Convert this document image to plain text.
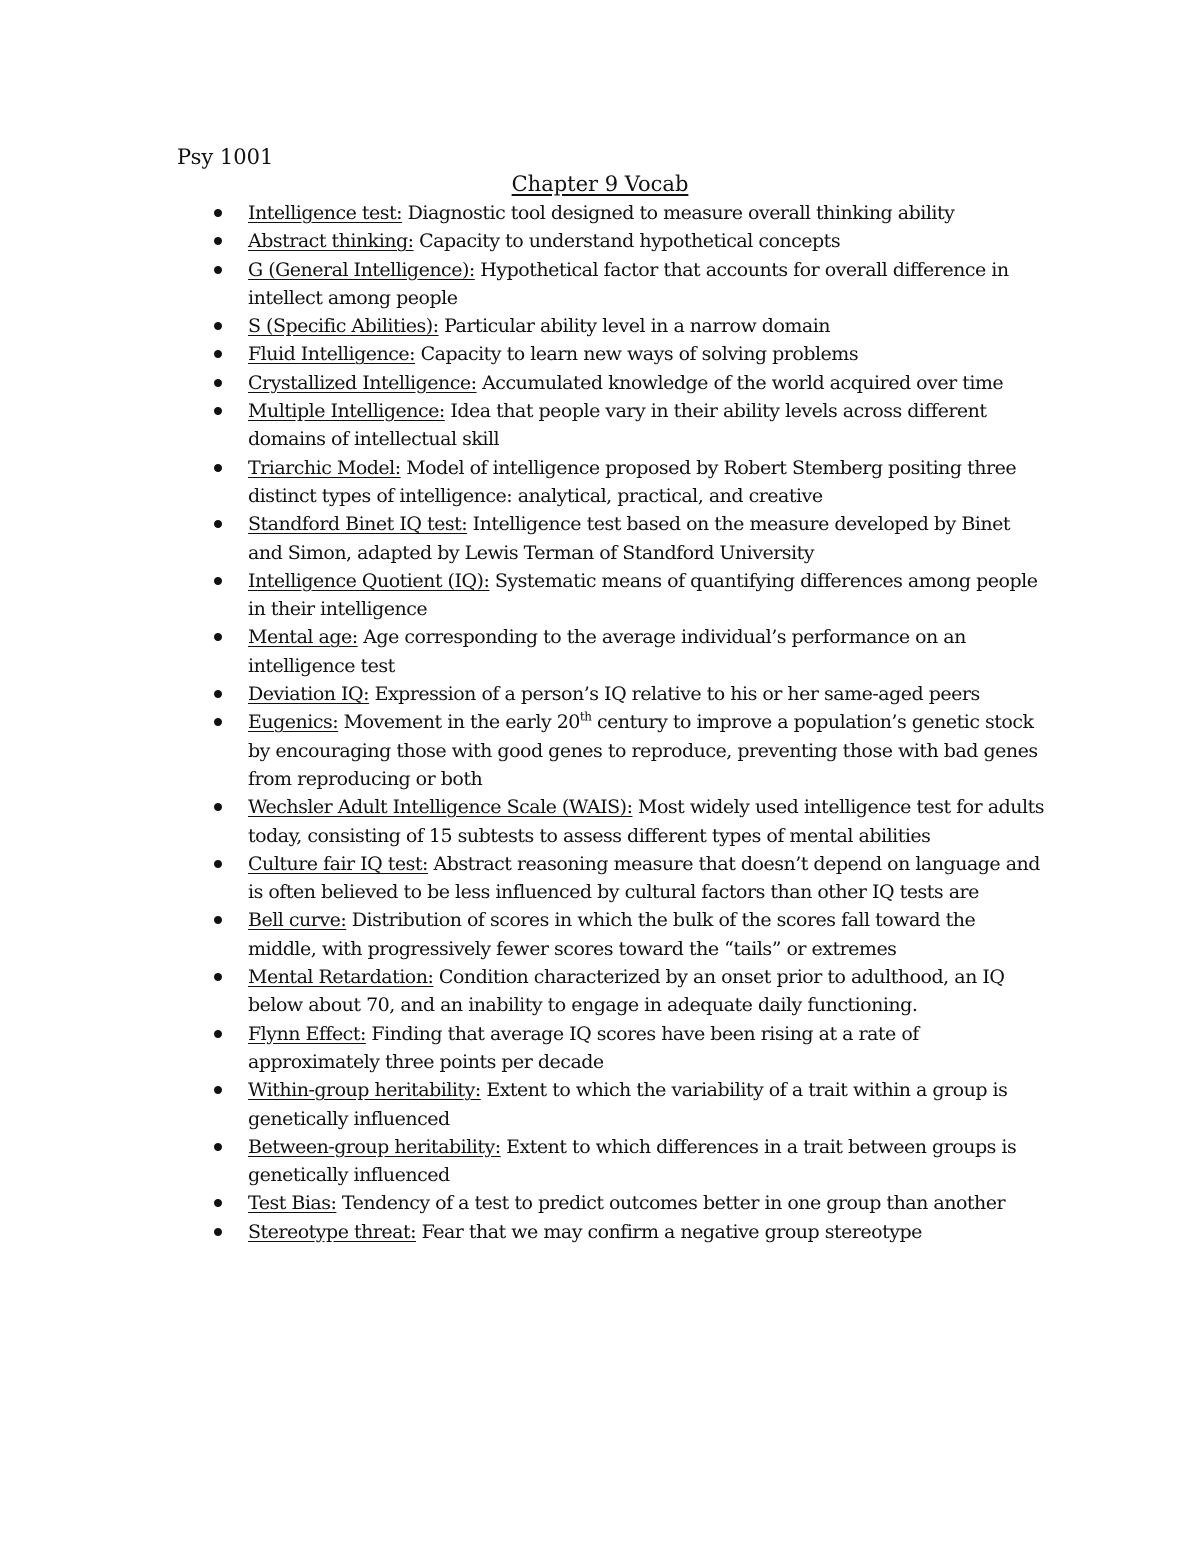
Psy 1001

Chapter 9 Vocab
Intelligence test: Diagnostic tool designed to measure overall thinking ability
Abstract thinking: Capacity to understand hypothetical concepts
G (General Intelligence): Hypothetical factor that accounts for overall difference in intellect among people
S (Specific Abilities): Particular ability level in a narrow domain
Fluid Intelligence: Capacity to learn new ways of solving problems
Crystallized Intelligence: Accumulated knowledge of the world acquired over time
Multiple Intelligence: Idea that people vary in their ability levels across different domains of intellectual skill
Triarchic Model: Model of intelligence proposed by Robert Stemberg positing three distinct types of intelligence: analytical, practical, and creative
Standford Binet IQ test: Intelligence test based on the measure developed by Binet and Simon, adapted by Lewis Terman of Standford University
Intelligence Quotient (IQ): Systematic means of quantifying differences among people in their intelligence
Mental age: Age corresponding to the average individual’s performance on an intelligence test
Deviation IQ: Expression of a person’s IQ relative to his or her same-aged peers
Eugenics: Movement in the early 20th century to improve a population’s genetic stock by encouraging those with good genes to reproduce, preventing those with bad genes from reproducing or both
Wechsler Adult Intelligence Scale (WAIS): Most widely used intelligence test for adults today, consisting of 15 subtests to assess different types of mental abilities
Culture fair IQ test: Abstract reasoning measure that doesn’t depend on language and is often believed to be less influenced by cultural factors than other IQ tests are
Bell curve: Distribution of scores in which the bulk of the scores fall toward the middle, with progressively fewer scores toward the “tails” or extremes
Mental Retardation: Condition characterized by an onset prior to adulthood, an IQ below about 70, and an inability to engage in adequate daily functioning.
Flynn Effect: Finding that average IQ scores have been rising at a rate of approximately three points per decade
Within-group heritability: Extent to which the variability of a trait within a group is genetically influenced
Between-group heritability: Extent to which differences in a trait between groups is genetically influenced
Test Bias: Tendency of a test to predict outcomes better in one group than another
Stereotype threat: Fear that we may confirm a negative group stereotype
